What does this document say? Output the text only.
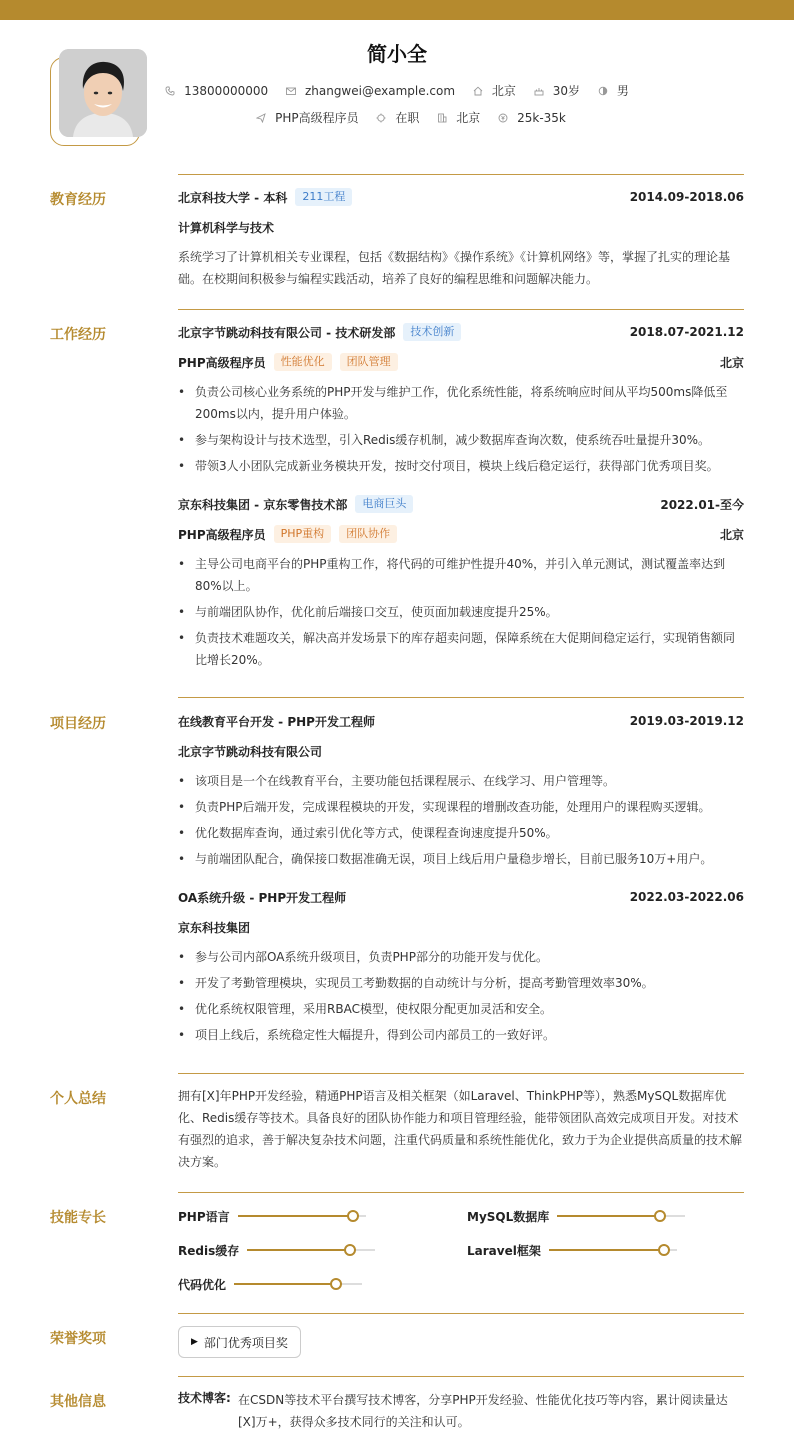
简小全
13800000000
	zhangwei@example.com
	北京
	30岁
	男
PHP高级程序员
	在职
	北京
	25k-35k
教育经历	北京科技大学 - 本科	211工程	2014.09-2018.06
计算机科学与技术
系统学习了计算机相关专业课程，包括《数据结构》《操作系统》《计算机网络》等，掌握了扎实的理论基础。在校期间积极参与编程实践活动，培养了良好的编程思维和问题解决能力。
工作经历	北京字节跳动科技有限公司 - 技术研发部	技术创新	2018.07-2021.12
PHP高级程序员	性能优化	团队管理	北京
• 负责公司核心业务系统的PHP开发与维护工作，优化系统性能，将系统响应时间从平均500ms降低至200ms以内，提升用户体验。
• 参与架构设计与技术选型，引入Redis缓存机制，减少数据库查询次数，使系统吞吐量提升30%。
• 带领3人小团队完成新业务模块开发，按时交付项目，模块上线后稳定运行，获得部门优秀项目奖。
京东科技集团 - 京东零售技术部	电商巨头	2022.01-至今
PHP高级程序员	PHP重构	团队协作	北京
• 主导公司电商平台的PHP重构工作，将代码的可维护性提升40%，并引入单元测试，测试覆盖率达到80%以上。
• 与前端团队协作，优化前后端接口交互，使页面加载速度提升25%。
• 负责技术难题攻关，解决高并发场景下的库存超卖问题，保障系统在大促期间稳定运行，实现销售额同比增长20%。
项目经历	在线教育平台开发 - PHP开发工程师	2019.03-2019.12
北京字节跳动科技有限公司
• 该项目是一个在线教育平台，主要功能包括课程展示、在线学习、用户管理等。
• 负责PHP后端开发，完成课程模块的开发，实现课程的增删改查功能，处理用户的课程购买逻辑。
• 优化数据库查询，通过索引优化等方式，使课程查询速度提升50%。
• 与前端团队配合，确保接口数据准确无误，项目上线后用户量稳步增长，目前已服务10万+用户。
OA系统升级 - PHP开发工程师	2022.03-2022.06
京东科技集团
• 参与公司内部OA系统升级项目，负责PHP部分的功能开发与优化。
• 开发了考勤管理模块，实现员工考勤数据的自动统计与分析，提高考勤管理效率30%。
• 优化系统权限管理，采用RBAC模型，使权限分配更加灵活和安全。
• 项目上线后，系统稳定性大幅提升，得到公司内部员工的一致好评。
个人总结	拥有[X]年PHP开发经验，精通PHP语言及相关框架（如Laravel、ThinkPHP等），熟悉MySQL数据库优化、Redis缓存等技术。具备良好的团队协作能力和项目管理经验，能带领团队高效完成项目开发。对技术有强烈的追求，善于解决复杂技术问题，注重代码质量和系统性能优化，致力于为企业提供高质量的技术解决方案。
技能专长	PHP语言	MySQL数据库
Redis缓存	Laravel框架
代码优化
荣誉奖项	▶ 部门优秀项目奖
其他信息	技术博客: 在CSDN等技术平台撰写技术博客，分享PHP开发经验、性能优化技巧等内容，累计阅读量达[X]万+，获得众多技术同行的关注和认可。
